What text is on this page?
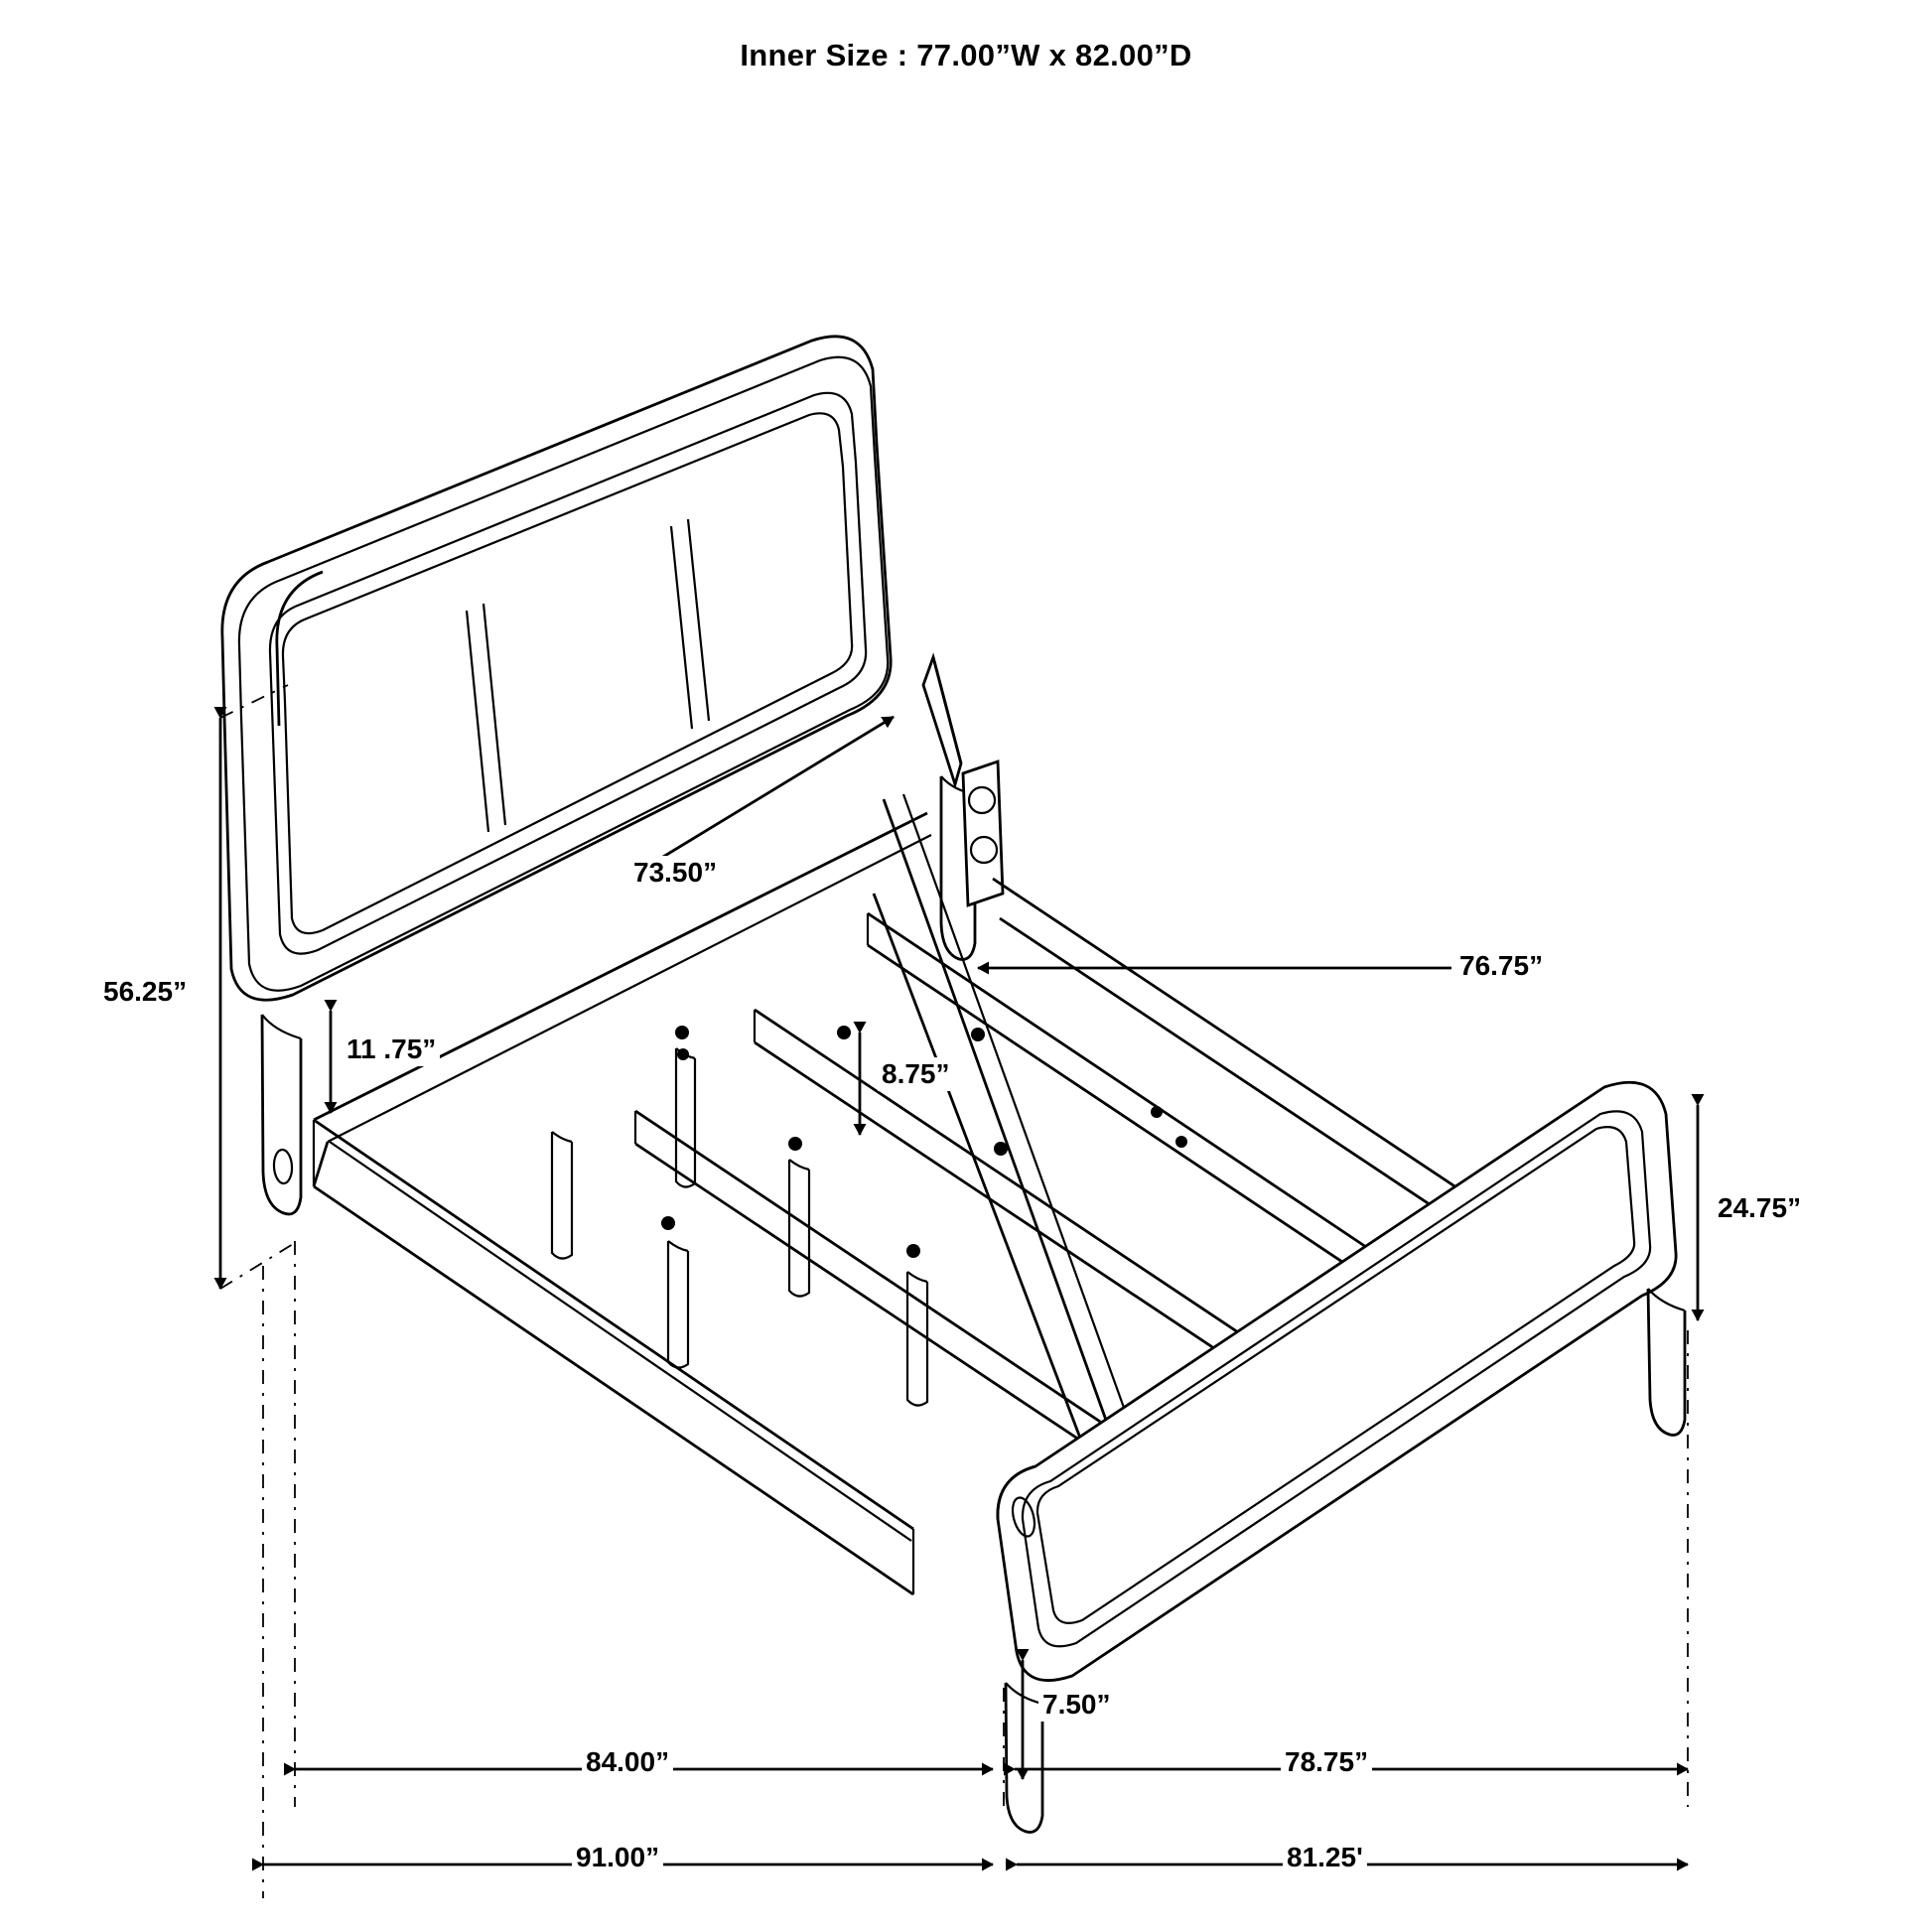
Inner Size : 77.00”W x 82.00”D
56.25”
73.50”
11 .75”
8.75”
76.75”
24.75”
7.50”
84.00”	78.75”
91.00”	81.25'
